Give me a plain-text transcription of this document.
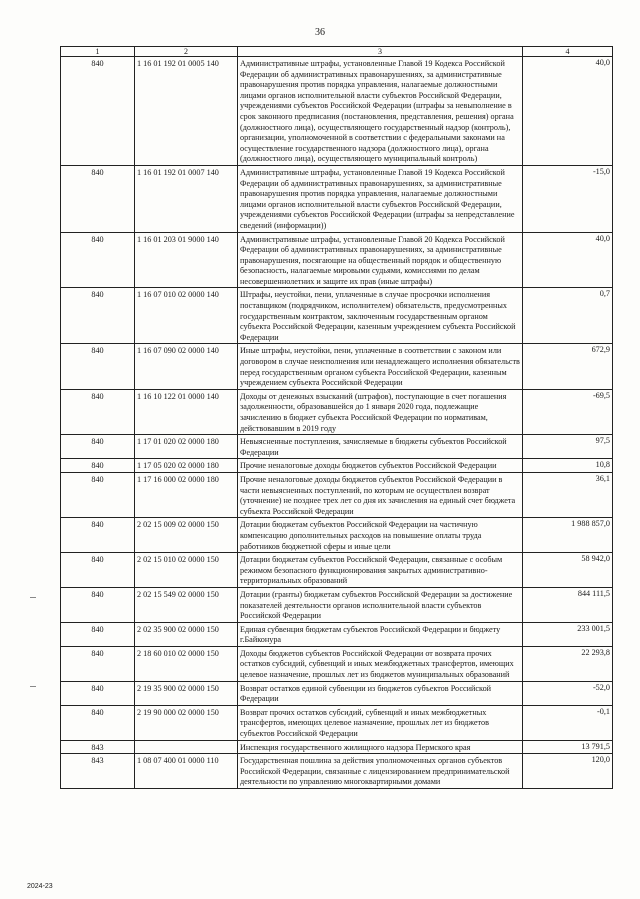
36
1	2	3	4
840	1 16 01 192 01 0005 140	Административные штрафы, установленные Главой 19 Кодекса Российской Федерации об административных правонарушениях, за административные правонарушения против порядка управления, налагаемые должностными лицами органов исполнительной власти субъектов Российской Федерации, учреждениями субъектов Российской Федерации (штрафы за невыполнение в срок законного предписания (постановления, представления, решения) органа (должностного лица), осуществляющего государственный надзор (контроль), организации, уполномоченной в соответствии с федеральными законами на осуществление государственного надзора (должностного лица), органа (должностного лица), осуществляющего муниципальный контроль)	40,0
840	1 16 01 192 01 0007 140	Административные штрафы, установленные Главой 19 Кодекса Российской Федерации об административных правонарушениях, за административные правонарушения против порядка управления, налагаемые должностными лицами органов исполнительной власти субъектов Российской Федерации, учреждениями субъектов Российской Федерации (штрафы за непредставление сведений (информации))	-15,0
840	1 16 01 203 01 9000 140	Административные штрафы, установленные Главой 20 Кодекса Российской Федерации об административных правонарушениях, за административные правонарушения, посягающие на общественный порядок и общественную безопасность, налагаемые мировыми судьями, комиссиями по делам несовершеннолетних и защите их прав (иные штрафы)	40,0
840	1 16 07 010 02 0000 140	Штрафы, неустойки, пени, уплаченные в случае просрочки исполнения поставщиком (подрядчиком, исполнителем) обязательств, предусмотренных государственным контрактом, заключенным государственным органом субъекта Российской Федерации, казенным учреждением субъекта Российской Федерации	0,7
840	1 16 07 090 02 0000 140	Иные штрафы, неустойки, пени, уплаченные в соответствии с законом или договором в случае неисполнения или ненадлежащего исполнения обязательств перед государственным органом субъекта Российской Федерации, казенным учреждением субъекта Российской Федерации	672,9
840	1 16 10 122 01 0000 140	Доходы от денежных взысканий (штрафов), поступающие в счет погашения задолженности, образовавшейся до 1 января 2020 года, подлежащие зачислению в бюджет субъекта Российской Федерации по нормативам, действовавшим в 2019 году	-69,5
840	1 17 01 020 02 0000 180	Невыясненные поступления, зачисляемые в бюджеты субъектов Российской Федерации	97,5
840	1 17 05 020 02 0000 180	Прочие неналоговые доходы бюджетов субъектов Российской Федерации	10,8
840	1 17 16 000 02 0000 180	Прочие неналоговые доходы бюджетов субъектов Российской Федерации в части невыясненных поступлений, по которым не осуществлен возврат (уточнение) не позднее трех лет со дня их зачисления на единый счет бюджета субъекта Российской Федерации	36,1
840	2 02 15 009 02 0000 150	Дотации бюджетам субъектов Российской Федерации на частичную компенсацию дополнительных расходов на повышение оплаты труда работников бюджетной сферы и иные цели	1 988 857,0
840	2 02 15 010 02 0000 150	Дотации бюджетам субъектов Российской Федерации, связанные с особым режимом безопасного функционирования закрытых административно-территориальных образований	58 942,0
840	2 02 15 549 02 0000 150	Дотации (гранты) бюджетам субъектов Российской Федерации за достижение показателей деятельности органов исполнительной власти субъектов Российской Федерации	844 111,5
840	2 02 35 900 02 0000 150	Единая субвенция бюджетам субъектов Российской Федерации и бюджету г.Байконура	233 001,5
840	2 18 60 010 02 0000 150	Доходы бюджетов субъектов Российской Федерации от возврата прочих остатков субсидий, субвенций и иных межбюджетных трансфертов, имеющих целевое назначение, прошлых лет из бюджетов муниципальных образований	22 293,8
840	2 19 35 900 02 0000 150	Возврат остатков единой субвенции из бюджетов субъектов Российской Федерации	-52,0
840	2 19 90 000 02 0000 150	Возврат прочих остатков субсидий, субвенций и иных межбюджетных трансфертов, имеющих целевое назначение, прошлых лет из бюджетов субъектов Российской Федерации	-0,1
843		Инспекция государственного жилищного надзора Пермского края	13 791,5
843	1 08 07 400 01 0000 110	Государственная пошлина за действия уполномоченных органов субъектов Российской Федерации, связанные с лицензированием предпринимательской деятельности по управлению многоквартирными домами	120,0
2024-23
